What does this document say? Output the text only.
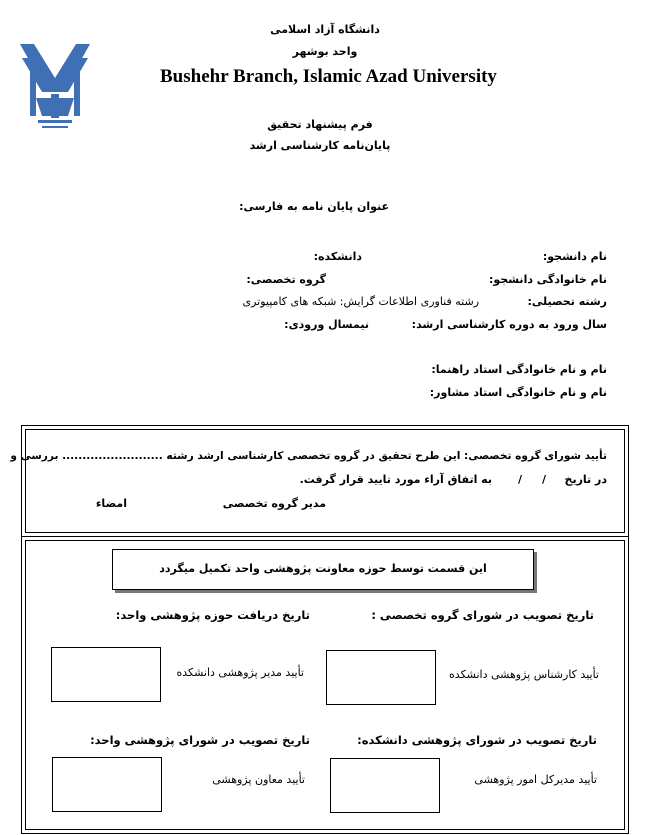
دانشگاه آزاد اسلامی
واحد بوشهر
Bushehr Branch, Islamic Azad University
فرم پیشنهاد تحقیق
پایان‌نامه کارشناسی ارشد
عنوان پایان نامه به فارسی:
نام دانشجو:
دانشکده:
نام خانوادگی دانشجو:
گروه تخصصی:
رشته تحصیلی:
رشته فناوری اطلاعات گرایش: شبکه های کامپیوتری
سال ورود به دوره کارشناسی ارشد:
نیمسال ورودی:
نام و نام خانوادگی استاد راهنما:
نام و نام خانوادگی استاد مشاور:
تأیید شورای گروه تخصصی: این طرح تحقیق در گروه تخصصی کارشناسی ارشد رشته ......................... بررسی و
در تاریخ
/
/
به اتفاق آراء مورد تایید قرار گرفت.
مدیر گروه تخصصی
امضاء
این قسمت توسط حوزه معاونت پژوهشی واحد تکمیل میگردد
تاریخ تصویب در شورای گروه تخصصی :
تاریخ دریافت حوزه پژوهشی واحد:
تأیید کارشناس پژوهشی دانشکده
تأیید مدیر پژوهشی دانشکده
تاریخ تصویب در شورای پژوهشی دانشکده:
تاریخ تصویب در شورای پژوهشی واحد:
تأیید مدیرکل امور پژوهشی
تأیید معاون پژوهشی
